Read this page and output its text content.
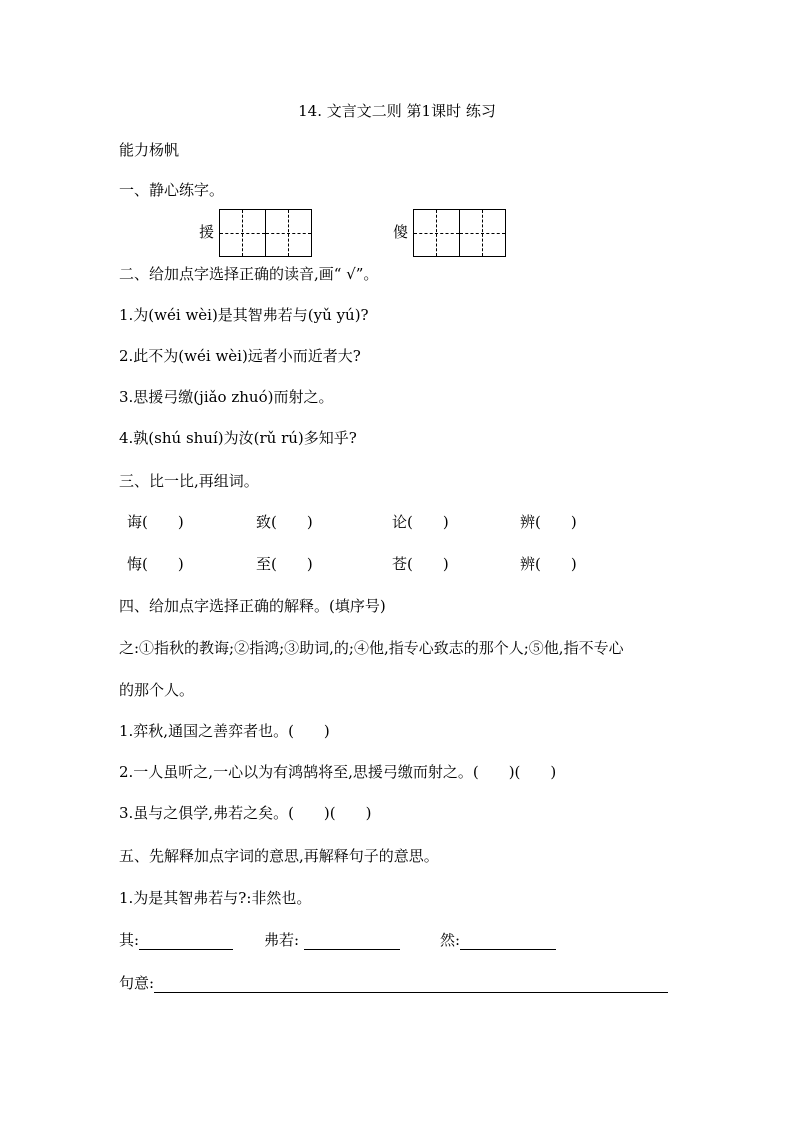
14. 文言文二则 第1课时 练习
能力杨帆
一、静心练字。
援	傻
二、给加点字选择正确的读音,画“ √”。
1.为(wéi wèi)是其智弗若与(yǔ yú)?
2.此不为(wéi wèi)远者小而近者大?
3.思援弓缴(jiǎo zhuó)而射之。
4.孰(shú shuí)为汝(rǔ rú)多知乎?
三、比一比,再组词。
诲(　　)	致(　　)	论(　　)	辨(　　)
悔(　　)	至(　　)	苍(　　)	辨(　　)
四、给加点字选择正确的解释。(填序号)
之:①指秋的教诲;②指鸿;③助词,的;④他,指专心致志的那个人;⑤他,指不专心
的那个人。
1.弈秋,通国之善弈者也。(　　)
2.一人虽听之,一心以为有鸿鹄将至,思援弓缴而射之。(　　)(　　)
3.虽与之俱学,弗若之矣。(　　)(　　)
五、先解释加点字词的意思,再解释句子的意思。
1.为是其智弗若与?:非然也。
其:	弗若:	然:
句意:
